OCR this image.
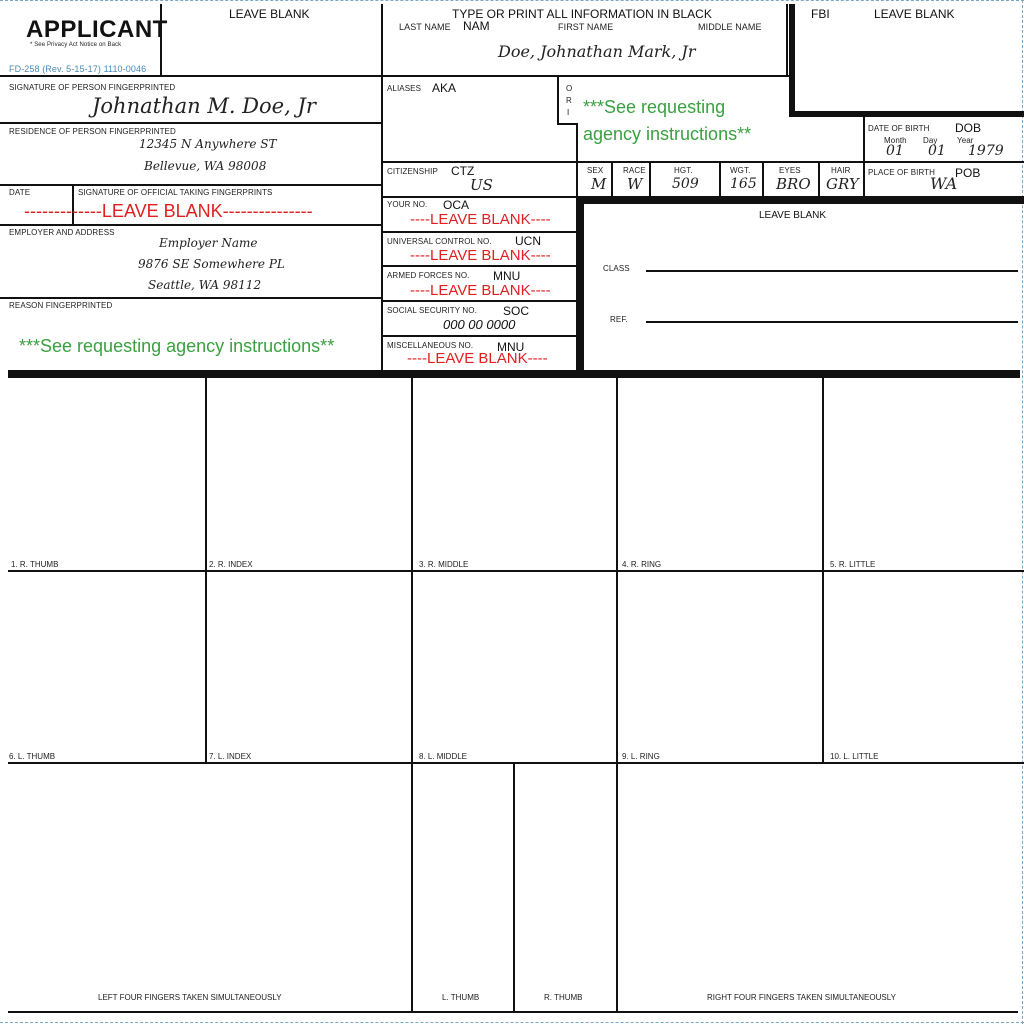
APPLICANT
* See Privacy Act Notice on Back
FD-258 (Rev. 5-15-17) 1110-0046
LEAVE BLANK	TYPE OR PRINT ALL INFORMATION IN BLACK
LAST NAME NAM	FIRST NAME	MIDDLE NAME
Doe, Johnathan Mark, Jr
FBI	LEAVE BLANK
SIGNATURE OF PERSON FINGERPRINTED
Johnathan M. Doe, Jr
RESIDENCE OF PERSON FINGERPRINTED
12345 N Anywhere ST
Bellevue, WA 98008
DATE	SIGNATURE OF OFFICIAL TAKING FINGERPRINTS
-------------LEAVE BLANK---------------
EMPLOYER AND ADDRESS
Employer Name
9876 SE Somewhere PL
Seattle, WA 98112
REASON FINGERPRINTED
***See requesting agency instructions**
ALIASES AKA	O
R
I ***See requesting
agency instructions**
CITIZENSHIP CTZ
US
YOUR NO. OCA
----LEAVE BLANK----
UNIVERSAL CONTROL NO. UCN
----LEAVE BLANK----
ARMED FORCES NO. MNU
----LEAVE BLANK----
SOCIAL SECURITY NO. SOC
000 00 0000
MISCELLANEOUS NO. MNU
----LEAVE BLANK----
DATE OF BIRTH DOB
Month Day Year
01 01 1979
SEX
M
RACE
W
HGT.
509
WGT.
165
EYES
BRO
HAIR
GRY
PLACE OF BIRTH POB
WA
LEAVE BLANK
CLASS
REF.
1. R. THUMB	2. R. INDEX	3. R. MIDDLE	4. R. RING	5. R. LITTLE
6. L. THUMB	7. L. INDEX	8. L. MIDDLE	9. L. RING	10. L. LITTLE
LEFT FOUR FINGERS TAKEN SIMULTANEOUSLY	L. THUMB	R. THUMB	RIGHT FOUR FINGERS TAKEN SIMULTANEOUSLY
